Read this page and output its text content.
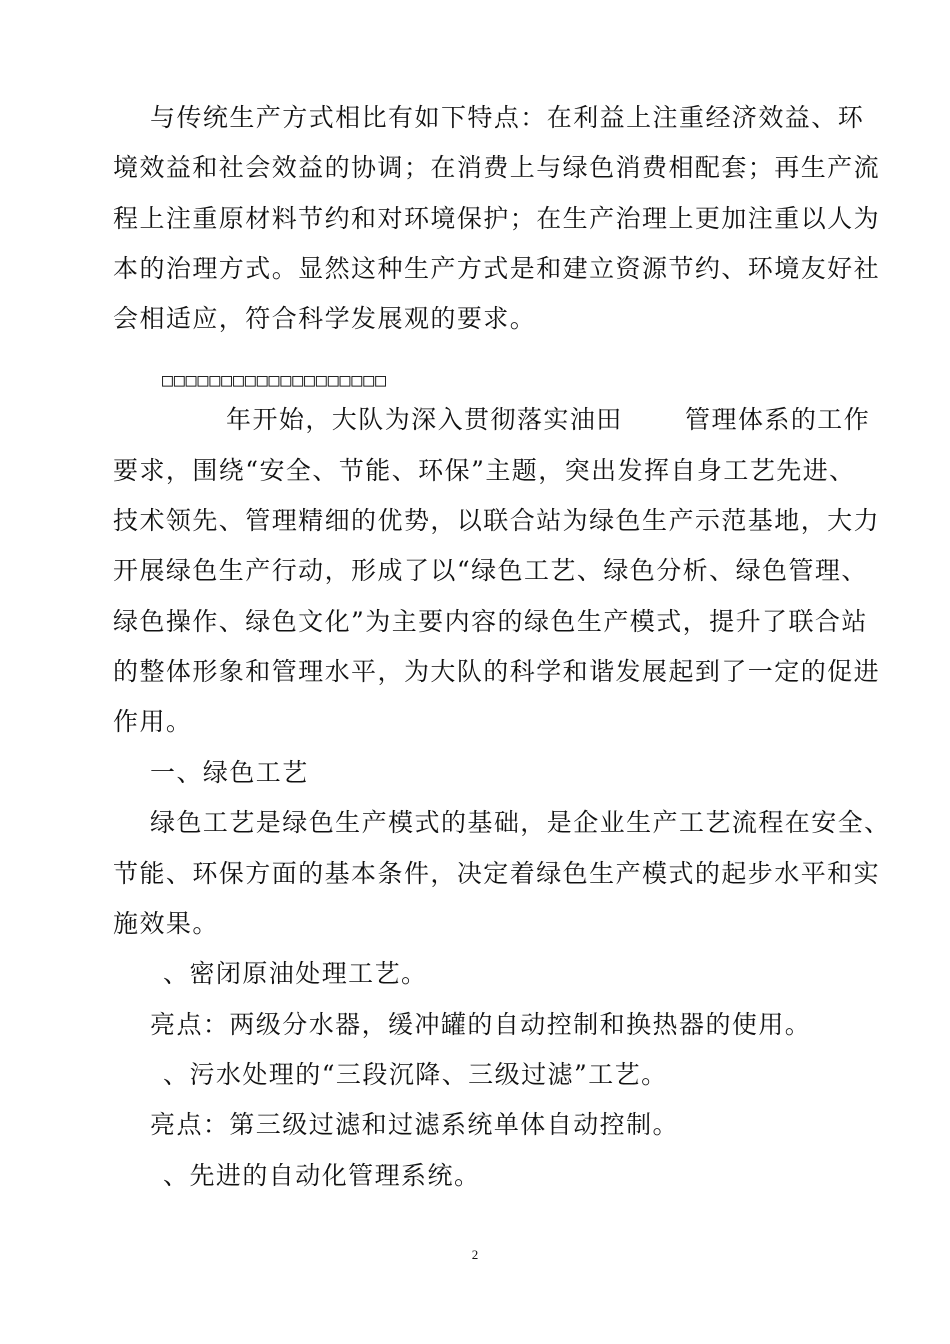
与传统生产方式相比有如下特点：在利益上注重经济效益、环
境效益和社会效益的协调；在消费上与绿色消费相配套；再生产流
程上注重原材料节约和对环境保护；在生产治理上更加注重以人为
本的治理方式。显然这种生产方式是和建立资源节约、环境友好社
会相适应，符合科学发展观的要求。
□□□□□□□□□□□□□□□□□□□
年开始，大队为深入贯彻落实油田　　 管理体系的工作
要求，围绕“安全、节能、环保”主题，突出发挥自身工艺先进、
技术领先、管理精细的优势，以联合站为绿色生产示范基地，大力
开展绿色生产行动，形成了以“绿色工艺、绿色分析、绿色管理、
绿色操作、绿色文化”为主要内容的绿色生产模式，提升了联合站
的整体形象和管理水平，为大队的科学和谐发展起到了一定的促进
作用。
一、绿色工艺
绿色工艺是绿色生产模式的基础，是企业生产工艺流程在安全、
节能、环保方面的基本条件，决定着绿色生产模式的起步水平和实
施效果。
、密闭原油处理工艺。
亮点：两级分水器，缓冲罐的自动控制和换热器的使用。
、污水处理的“三段沉降、三级过滤”工艺。
亮点：第三级过滤和过滤系统单体自动控制。
、先进的自动化管理系统。
2
